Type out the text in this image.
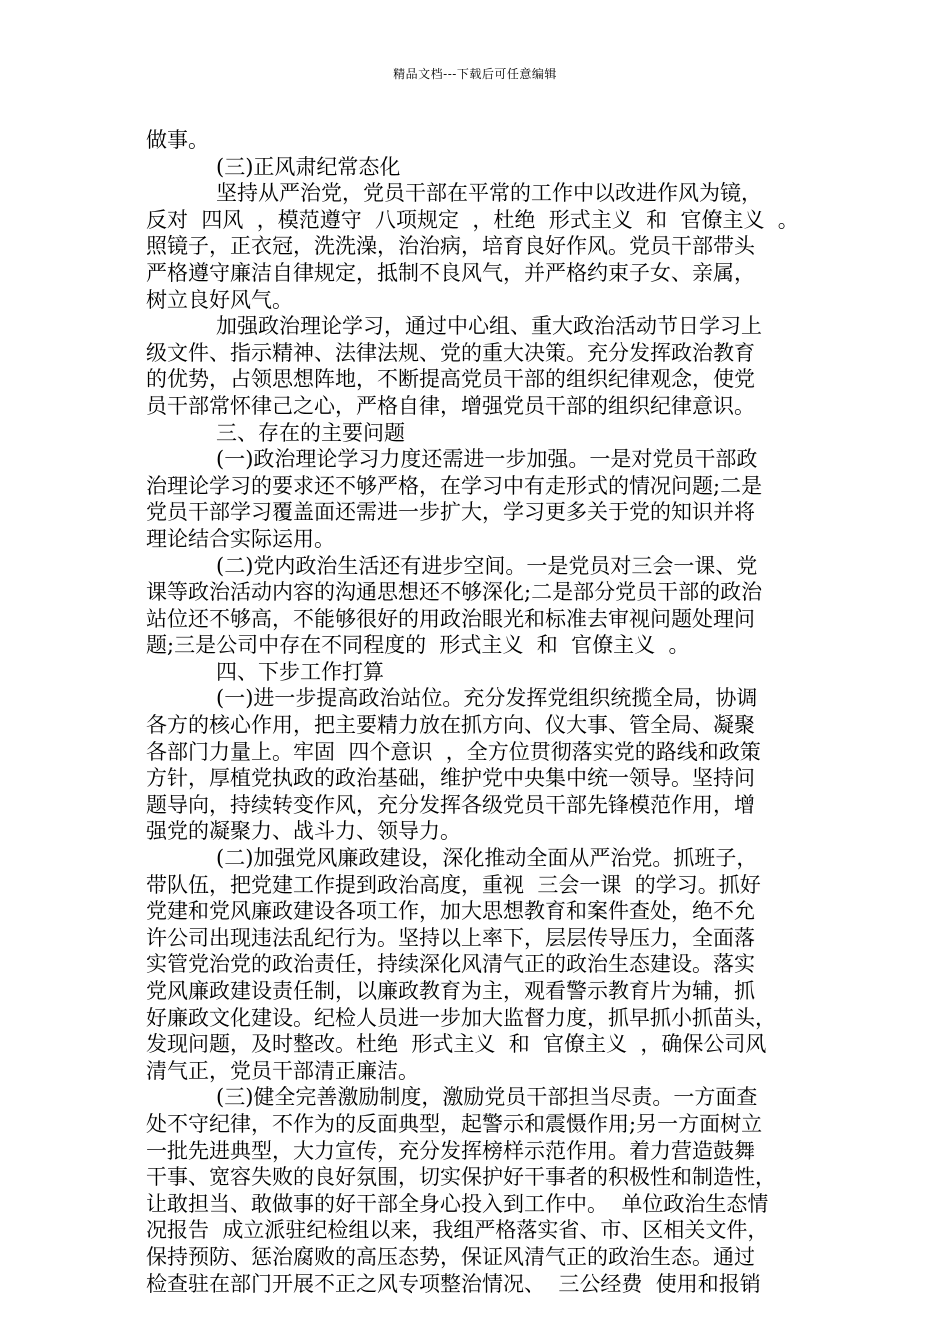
精品文档---下载后可任意编辑
做事。
(三)正风肃纪常态化
坚持从严治党，党员干部在平常的工作中以改进作风为镜，
反对  四风  ，模范遵守  八项规定  ，杜绝  形式主义  和  官僚主义  。
照镜子，正衣冠，洗洗澡，治治病，培育良好作风。党员干部带头
严格遵守廉洁自律规定，抵制不良风气，并严格约束子女、亲属，
树立良好风气。
加强政治理论学习，通过中心组、重大政治活动节日学习上
级文件、指示精神、法律法规、党的重大决策。充分发挥政治教育
的优势，占领思想阵地，不断提高党员干部的组织纪律观念，使党
员干部常怀律己之心，严格自律，增强党员干部的组织纪律意识。
三、存在的主要问题
(一)政治理论学习力度还需进一步加强。一是对党员干部政
治理论学习的要求还不够严格，在学习中有走形式的情况问题;二是
党员干部学习覆盖面还需进一步扩大，学习更多关于党的知识并将
理论结合实际运用。
(二)党内政治生活还有进步空间。一是党员对三会一课、党
课等政治活动内容的沟通思想还不够深化;二是部分党员干部的政治
站位还不够高，不能够很好的用政治眼光和标准去审视问题处理问
题;三是公司中存在不同程度的  形式主义  和  官僚主义  。
四、下步工作打算
(一)进一步提高政治站位。充分发挥党组织统揽全局，协调
各方的核心作用，把主要精力放在抓方向、仪大事、管全局、凝聚
各部门力量上。牢固  四个意识  ，全方位贯彻落实党的路线和政策
方针，厚植党执政的政治基础，维护党中央集中统一领导。坚持问
题导向，持续转变作风，充分发挥各级党员干部先锋模范作用，增
强党的凝聚力、战斗力、领导力。
(二)加强党风廉政建设，深化推动全面从严治党。抓班子，
带队伍，把党建工作提到政治高度，重视  三会一课  的学习。抓好
党建和党风廉政建设各项工作，加大思想教育和案件查处，绝不允
许公司出现违法乱纪行为。坚持以上率下，层层传导压力，全面落
实管党治党的政治责任，持续深化风清气正的政治生态建设。落实
党风廉政建设责任制，以廉政教育为主，观看警示教育片为辅，抓
好廉政文化建设。纪检人员进一步加大监督力度，抓早抓小抓苗头，
发现问题，及时整改。杜绝  形式主义  和  官僚主义  ，确保公司风
清气正，党员干部清正廉洁。
(三)健全完善激励制度，激励党员干部担当尽责。一方面查
处不守纪律，不作为的反面典型，起警示和震慑作用;另一方面树立
一批先进典型，大力宣传，充分发挥榜样示范作用。着力营造鼓舞
干事、宽容失败的良好氛围，切实保护好干事者的积极性和制造性，
让敢担当、敢做事的好干部全身心投入到工作中。  单位政治生态情
况报告  成立派驻纪检组以来，我组严格落实省、市、区相关文件，
保持预防、惩治腐败的高压态势，保证风清气正的政治生态。通过
检查驻在部门开展不正之风专项整治情况、  三公经费  使用和报销
